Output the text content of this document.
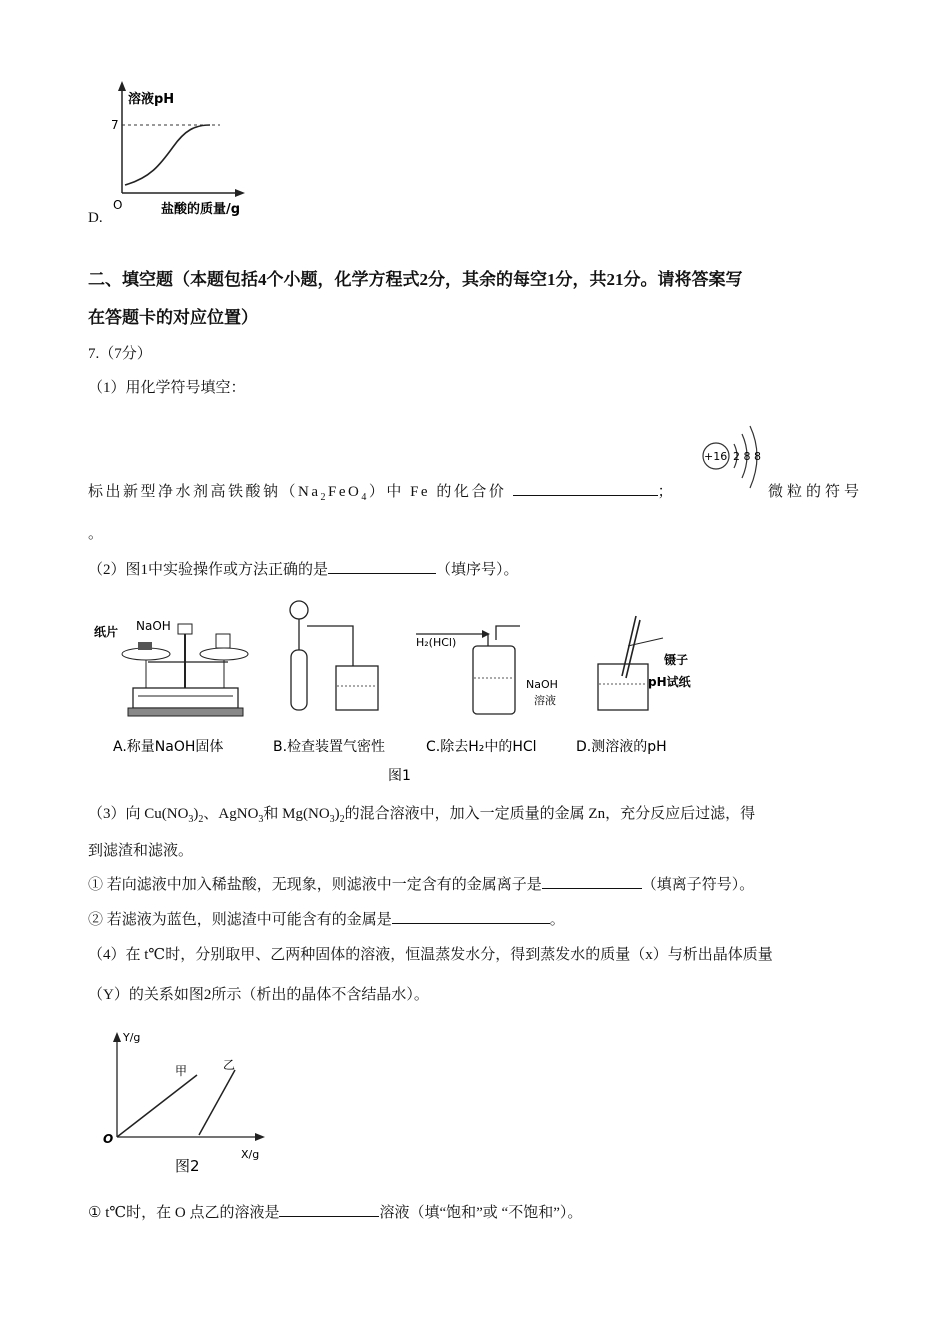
溶液pH
7
O	盐酸的质量/g
D.
二、填空题（本题包括4个小题，化学方程式2分，其余的每空1分，共21分。请将答案写
在答题卡的对应位置）
7.（7分）
（1）用化学符号填空：
+16 2 8 8
标出新型净水剂高铁酸钠$(Na_2FeO_4)$中 Fe 的化合价	；	微粒的符号
。
（2）图1中实验操作或方法正确的是	（填序号）。
纸片 NaOH
H₂(HCl)
NaOH
溶液
镊子
pH试纸
A.称量NaOH固体	B.检查装置气密性	C.除去H₂中的HCl	D.测溶液的pH
图1
（3）向 $Cu(NO_3)_2$、AgNO$_3$和 $Mg(NO_3)_2$的混合溶液中，加入一定质量的金属 Zn，充分反应后过滤，得
到滤渣和滤液。
① 若向滤液中加入稀盐酸，无现象，则滤液中一定含有的金属离子是	（填离子符号）。
② 若滤液为蓝色，则滤渣中可能含有的金属是	。
（4）在 t℃时，分别取甲、乙两种固体的溶液，恒温蒸发水分，得到蒸发水的质量（x）与析出晶体质量
（Y）的关系如图2所示（析出的晶体不含结晶水）。
Y/g
X/g
O
甲	乙
图2
① t℃时，在 O 点乙的溶液是	溶液（填“饱和”或 “不饱和”）。
